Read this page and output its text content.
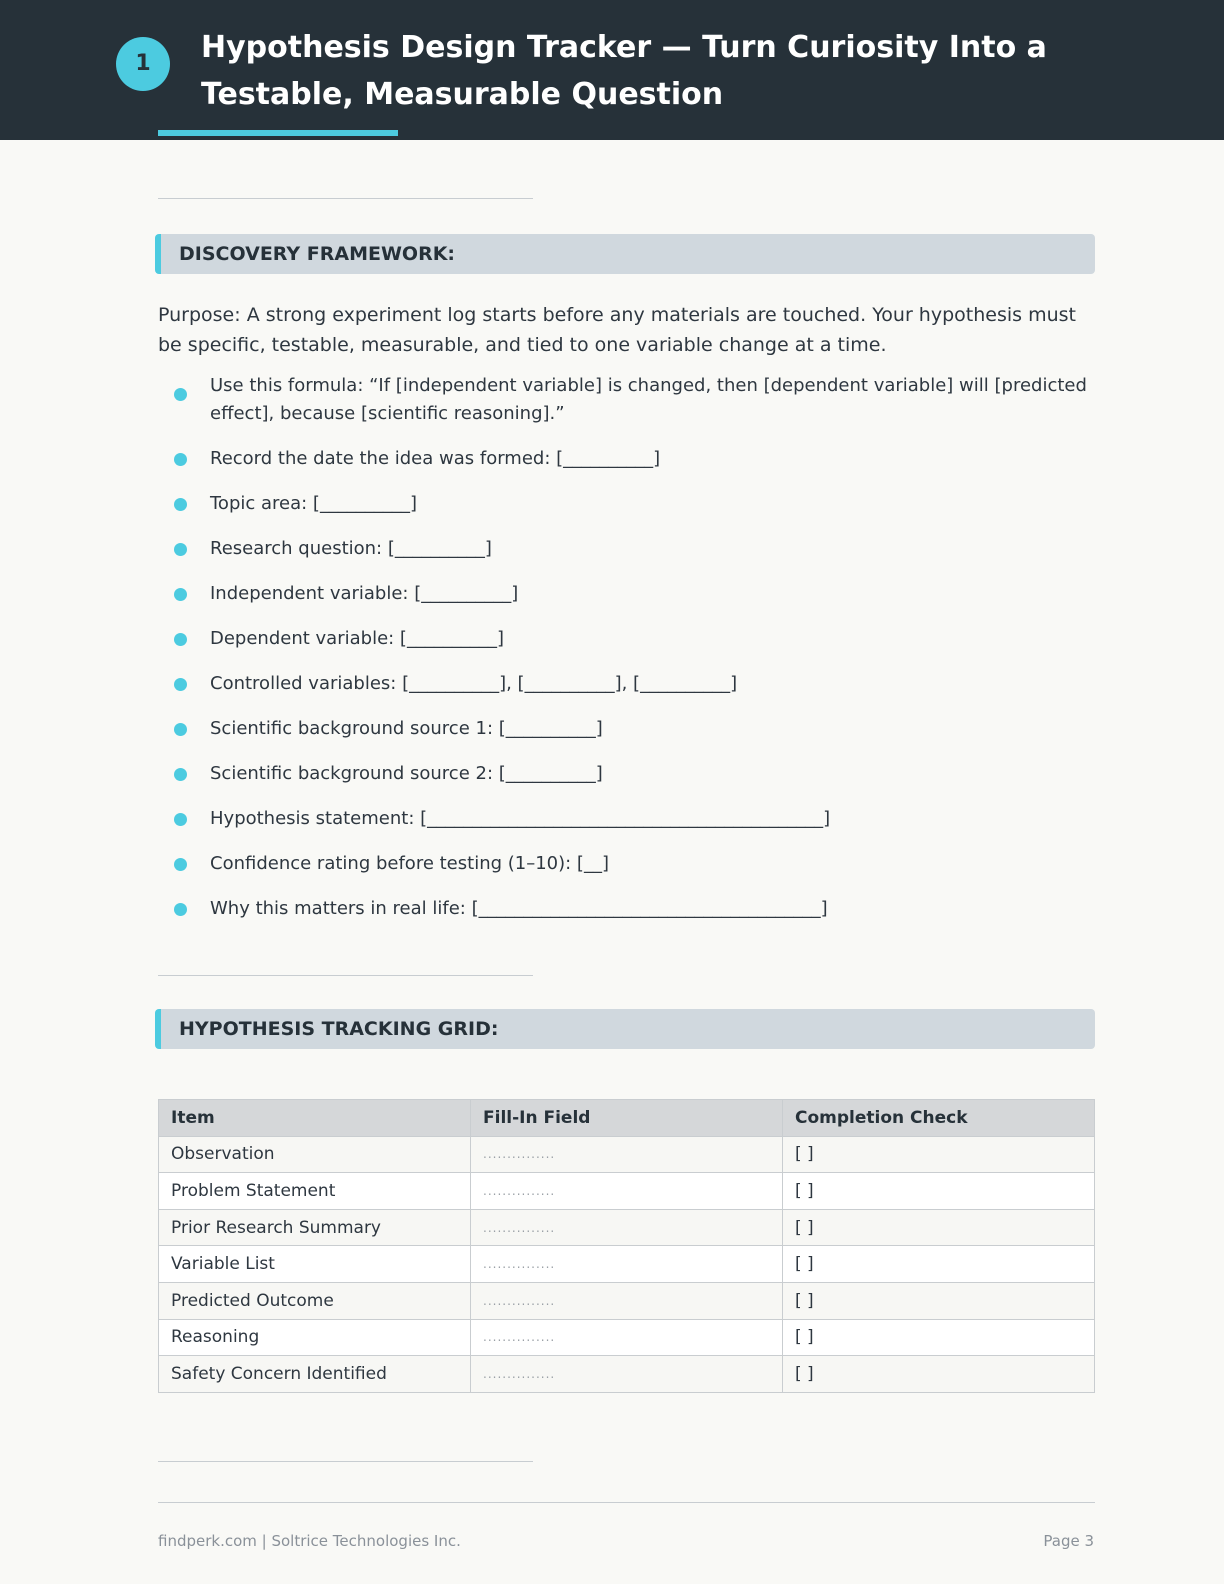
1	Hypothesis Design Tracker — Turn Curiosity Into a Testable, Measurable Question
DISCOVERY FRAMEWORK:
Purpose: A strong experiment log starts before any materials are touched. Your hypothesis must be specific, testable, measurable, and tied to one variable change at a time.
Use this formula: “If [independent variable] is changed, then [dependent variable] will [predicted effect], because [scientific reasoning].”
Record the date the idea was formed: [__________]
Topic area: [__________]
Research question: [__________]
Independent variable: [__________]
Dependent variable: [__________]
Controlled variables: [__________], [__________], [__________]
Scientific background source 1: [__________]
Scientific background source 2: [__________]
Hypothesis statement: [____________________________________________]
Confidence rating before testing (1–10): [__]
Why this matters in real life: [______________________________________]
HYPOTHESIS TRACKING GRID:
Item	Fill-In Field	Completion Check
Observation	...............	[ ]
Problem Statement	...............	[ ]
Prior Research Summary	...............	[ ]
Variable List	...............	[ ]
Predicted Outcome	...............	[ ]
Reasoning	...............	[ ]
Safety Concern Identified	...............	[ ]
findperk.com | Soltrice Technologies Inc.	Page 3
